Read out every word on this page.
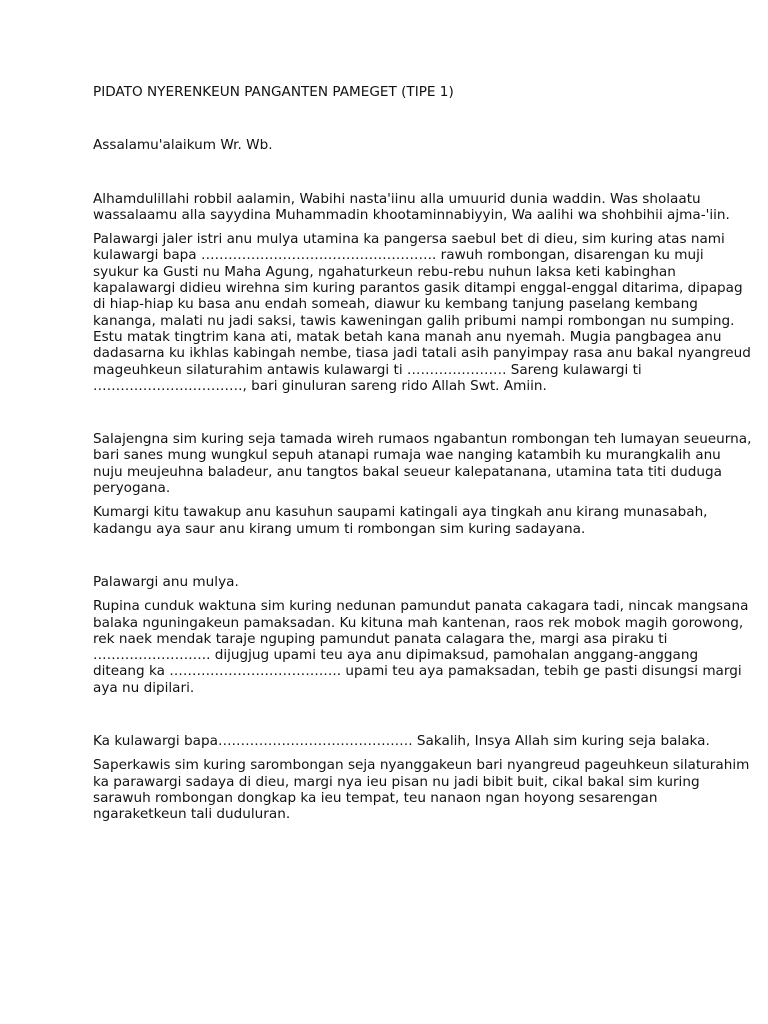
PIDATO NYERENKEUN PANGANTEN PAMEGET (TIPE 1)

Assalamu'alaikum Wr. Wb.

Alhamdulillahi robbil aalamin, Wabihi nasta'iinu alla umuurid dunia waddin. Was sholaatu wassalaamu alla sayydina Muhammadin khootaminnabiyyin, Wa aalihi wa shohbihii ajma-'iin.

Palawargi jaler istri anu mulya utamina ka pangersa saebul bet di dieu, sim kuring atas nami kulawargi bapa ……………………………………………. rawuh rombongan, disarengan ku muji syukur ka Gusti nu Maha Agung, ngahaturkeun rebu-rebu nuhun laksa keti kabinghan kapalawargi didieu wirehna sim kuring parantos gasik ditampi enggal-enggal ditarima, dipapag di hiap-hiap ku basa anu endah someah, diawur ku kembang tanjung paselang kembang kananga, malati nu jadi saksi, tawis kaweningan galih pribumi nampi rombongan nu sumping. Estu matak tingtrim kana ati, matak betah kana manah anu nyemah. Mugia pangbagea anu dadasarna ku ikhlas kabingah nembe, tiasa jadi tatali asih panyimpay rasa anu bakal nyangreud mageuhkeun silaturahim antawis kulawargi ti …………………. Sareng kulawargi ti ……………………………, bari ginuluran sareng rido Allah Swt. Amiin.

Salajengna sim kuring seja tamada wireh rumaos ngabantun rombongan teh lumayan seueurna, bari sanes mung wungkul sepuh atanapi rumaja wae nanging katambih ku murangkalih anu nuju meujeuhna baladeur, anu tangtos bakal seueur kalepatanana, utamina tata titi duduga peryogana.

Kumargi kitu tawakup anu kasuhun saupami katingali aya tingkah anu kirang munasabah, kadangu aya saur anu kirang umum ti rombongan sim kuring sadayana.

Palawargi anu mulya.

Rupina cunduk waktuna sim kuring nedunan pamundut panata cakagara tadi, nincak mangsana balaka nguningakeun pamaksadan. Ku kituna mah kantenan, raos rek mobok magih gorowong, rek naek mendak taraje nguping pamundut panata calagara the, margi asa piraku ti …………………….. dijugjug upami teu aya anu dipimaksud, pamohalan anggang-anggang diteang ka ……………………………….. upami teu aya pamaksadan, tebih ge pasti disungsi margi aya nu dipilari.

Ka kulawargi bapa……………………………………. Sakalih, Insya Allah sim kuring seja balaka.

Saperkawis sim kuring sarombongan seja nyanggakeun bari nyangreud pageuhkeun silaturahim ka parawargi sadaya di dieu, margi nya ieu pisan nu jadi bibit buit, cikal bakal sim kuring sarawuh rombongan dongkap ka ieu tempat, teu nanaon ngan hoyong sesarengan ngaraketkeun tali duduluran.
